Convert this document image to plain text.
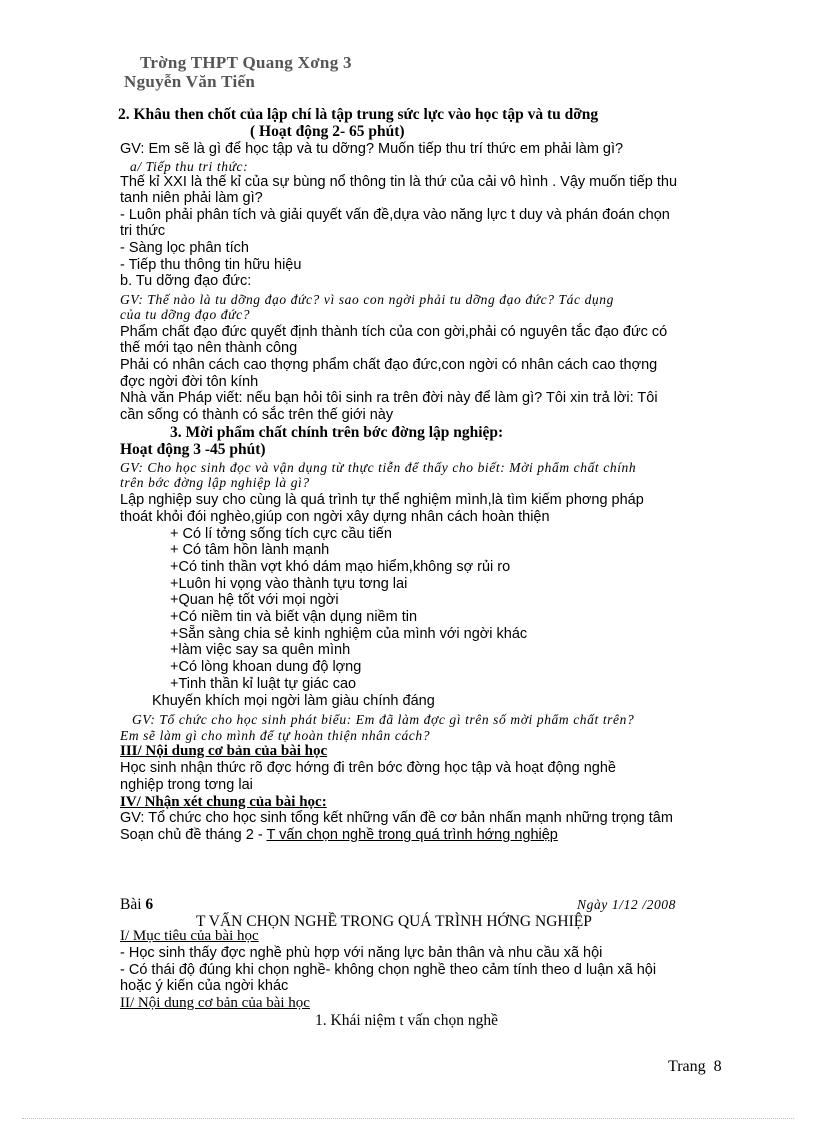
Trờng THPT Quang Xơng 3
Nguyễn Văn Tiến
2. Khâu then chốt của lập chí là tập trung sức lực vào học tập và tu dỡng
( Hoạt động 2- 65 phút)
GV: Em sẽ là gì để học tập và tu dỡng? Muốn tiếp thu trí thức em phải làm gì?
a/ Tiếp thu tri thức:
Thế kỉ XXI là thế kỉ của sự bùng nổ thông tin là thứ của cải vô hình . Vậy muốn tiếp thu
tanh niên phải làm gì?
- Luôn phải phân tích và giải quyết vấn đề,dựa vào năng lực t duy và phán đoán chọn
tri thức
- Sàng lọc phân tích
- Tiếp thu thông tin hữu hiệu
b. Tu dỡng đạo đức:
GV: Thế nào là tu dỡng đạo đức? vì sao con ngời phải tu dỡng đạo đức? Tác dụng
của tu dỡng đạo đức?
Phẩm chất đạo đức quyết định thành tích của con gời,phải có nguyên tắc đạo đức có
thế mới tạo nên thành công
Phải có nhân cách cao thợng phẩm chất đạo đức,con ngời có nhân cách cao thợng
đợc ngời đời tôn kính
Nhà văn Pháp viết: nếu bạn hỏi tôi sinh ra trên đời này để làm gì? Tôi xin trả lời: Tôi
cần sống có thành có sắc trên thế giới này
3. Mời phẩm chất chính trên bớc đờng lập nghiệp:
Hoạt động 3 -45 phút)
GV: Cho học sinh đọc và vận dụng từ thực tiễn để thấy cho biết: Mời phẩm chất chính
trên bớc đờng lập nghiệp là gì?
Lập nghiệp suy cho cùng là quá trình tự thể nghiệm mình,là tìm kiếm phơng pháp
thoát khỏi đói nghèo,giúp con ngời xây dựng nhân cách hoàn thiện
+ Có lí tởng sống tích cực cầu tiến
+ Có tâm hồn lành mạnh
+Có tinh thần vợt khó dám mạo hiểm,không sợ rủi ro
+Luôn hi vọng vào thành tựu tơng lai
+Quan hệ tốt với mọi ngời
+Có niềm tin và biết vận dụng niềm tin
+Sẵn sàng chia sẻ kinh nghiệm của mình với ngời khác
+làm việc say sa quên mình
+Có lòng khoan dung độ lợng
+Tinh thần kỉ luật tự giác cao
Khuyến khích mọi ngời làm giàu chính đáng
GV: Tổ chức cho học sinh phát biểu: Em đã làm đợc gì trên số mời phẩm chất trên?
Em sẽ làm gì cho mình để tự hoàn thiện nhân cách?
III/ Nội dung cơ bản của bài học
Học sinh nhận thức rõ đợc hớng đi trên bớc đờng học tập và hoạt động nghề
nghiệp trong tơng lai
IV/ Nhận xét chung của bài học:
GV: Tổ chức cho học sinh tổng kết những vấn đề cơ bản nhấn mạnh những trọng tâm
Soạn chủ đề tháng 2 - T vấn chọn nghề trong quá trình hớng nghiệp
Bài 6	Ngày 1/12 /2008
T VẤN CHỌN NGHỀ TRONG QUÁ TRÌNH HỚNG NGHIỆP
I/ Mục tiêu của bài học
- Học sinh thấy đợc nghề phù hợp với năng lực bản thân và nhu cầu xã hội
- Có thái độ đúng khi chọn nghề- không chọn nghề theo cảm tính theo d luận xã hội
hoặc ý kiến của ngời khác
II/ Nội dung cơ bản của bài học
1. Khái niệm t vấn chọn nghề
Trang 8
